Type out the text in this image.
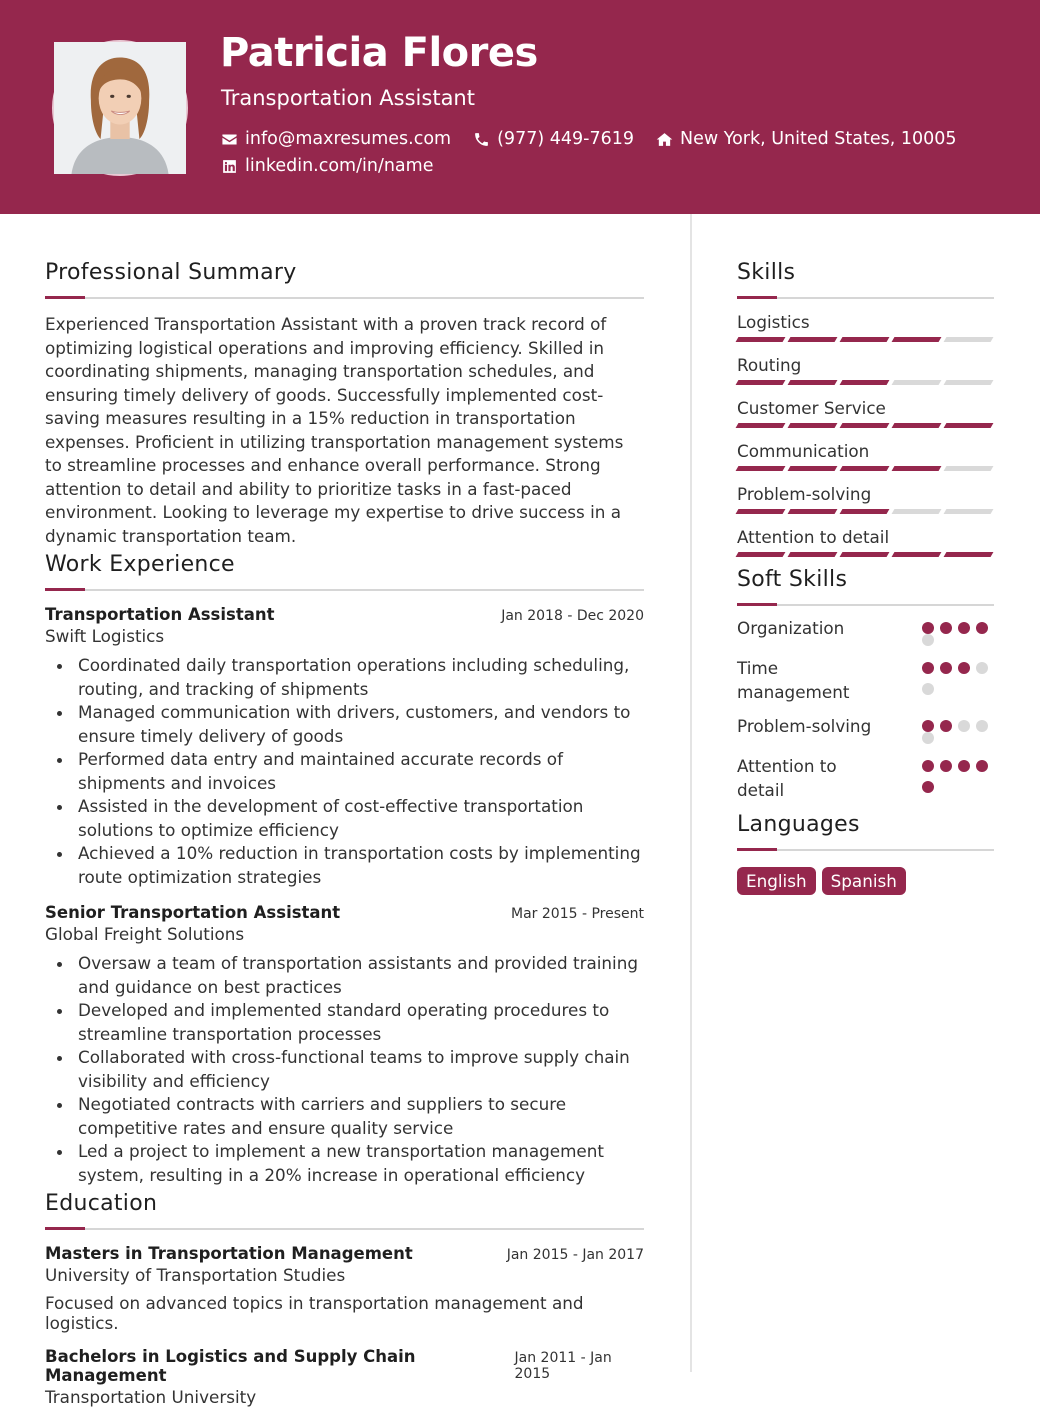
Patricia Flores
Transportation Assistant
info@maxresumes.com	(977) 449-7619	New York, United States, 10005
linkedin.com/in/name
Professional Summary

Experienced Transportation Assistant with a proven track record of optimizing logistical operations and improving efficiency. Skilled in coordinating shipments, managing transportation schedules, and ensuring timely delivery of goods. Successfully implemented cost-saving measures resulting in a 15% reduction in transportation expenses. Proficient in utilizing transportation management systems to streamline processes and enhance overall performance. Strong attention to detail and ability to prioritize tasks in a fast-paced environment. Looking to leverage my expertise to drive success in a dynamic transportation team.

Work Experience
Transportation Assistant	Jan 2018 - Dec 2020
Swift Logistics
Coordinated daily transportation operations including scheduling, routing, and tracking of shipments
Managed communication with drivers, customers, and vendors to ensure timely delivery of goods
Performed data entry and maintained accurate records of shipments and invoices
Assisted in the development of cost-effective transportation solutions to optimize efficiency
Achieved a 10% reduction in transportation costs by implementing route optimization strategies
Senior Transportation Assistant	Mar 2015 - Present
Global Freight Solutions
Oversaw a team of transportation assistants and provided training and guidance on best practices
Developed and implemented standard operating procedures to streamline transportation processes
Collaborated with cross-functional teams to improve supply chain visibility and efficiency
Negotiated contracts with carriers and suppliers to secure competitive rates and ensure quality service
Led a project to implement a new transportation management system, resulting in a 20% increase in operational efficiency
Education
Masters in Transportation Management	Jan 2015 - Jan 2017
University of Transportation Studies
Focused on advanced topics in transportation management and logistics.
Bachelors in Logistics and Supply Chain Management
Jan 2011 - Jan 2015
Transportation University
Skills
Logistics
Routing
Customer Service
Communication
Problem-solving
Attention to detail
Soft Skills
Organization
Time management
Problem-solving
Attention to detail
Languages
English	Spanish
